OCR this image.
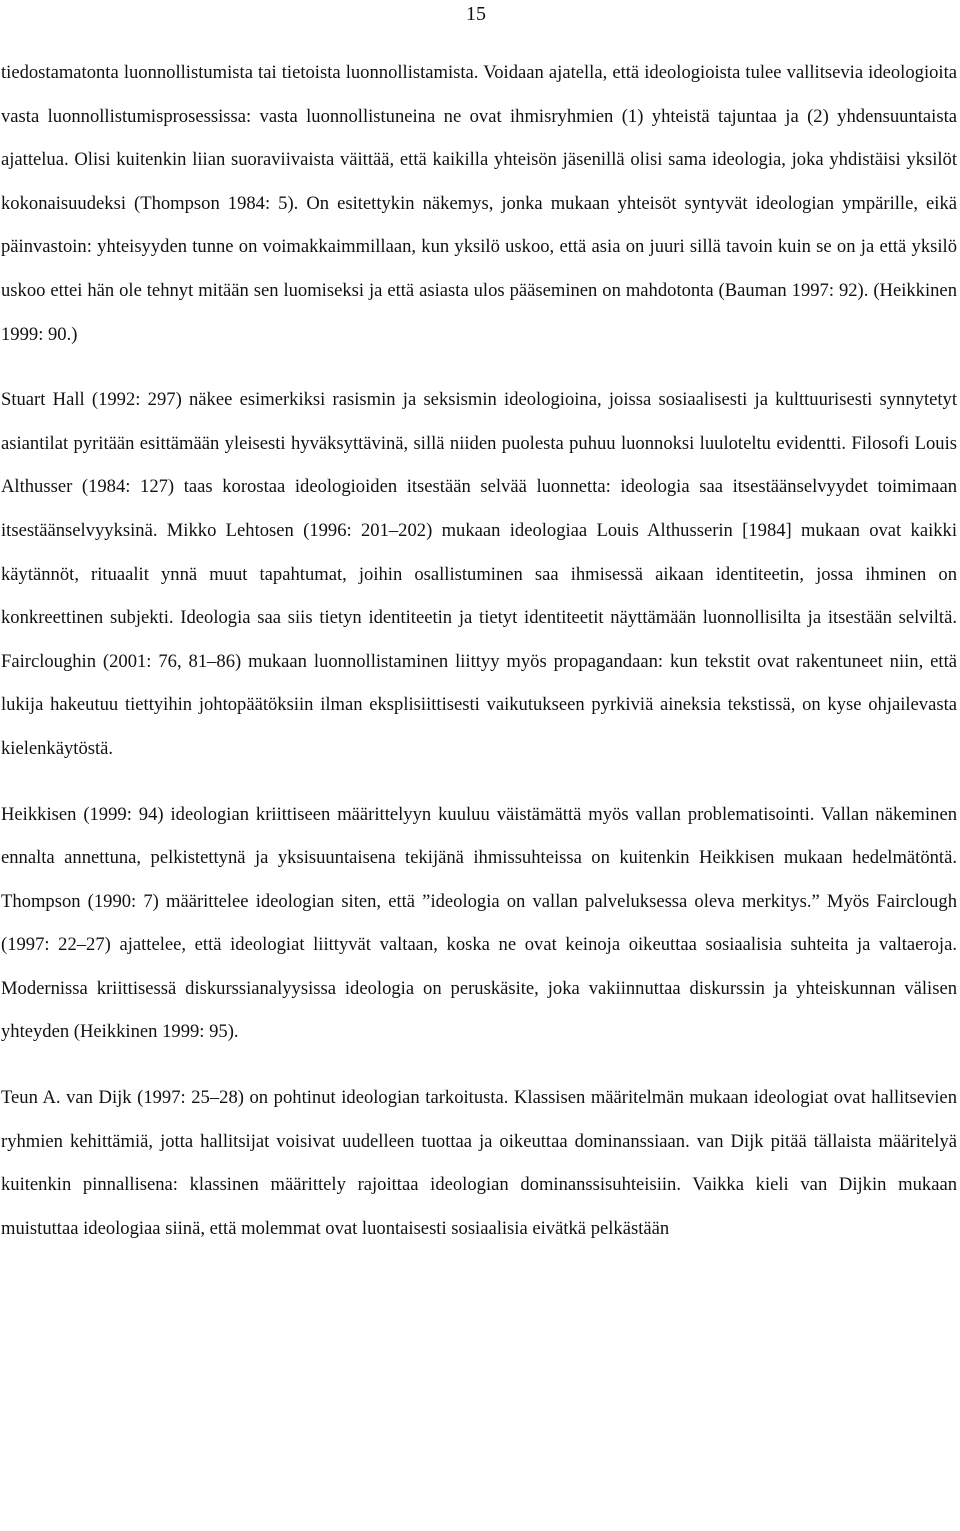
15

tiedostamatonta luonnollistumista tai tietoista luonnollistamista. Voidaan ajatella, että ideologioista tulee vallitsevia ideologioita vasta luonnollistumisprosessissa: vasta luonnollistuneina ne ovat ihmisryhmien (1) yhteistä tajuntaa ja (2) yhdensuuntaista ajattelua. Olisi kuitenkin liian suoraviivaista väittää, että kaikilla yhteisön jäsenillä olisi sama ideologia, joka yhdistäisi yksilöt kokonaisuudeksi (Thompson 1984: 5). On esitettykin näkemys, jonka mukaan yhteisöt syntyvät ideologian ympärille, eikä päinvastoin: yhteisyyden tunne on voimakkaimmillaan, kun yksilö uskoo, että asia on juuri sillä tavoin kuin se on ja että yksilö uskoo ettei hän ole tehnyt mitään sen luomiseksi ja että asiasta ulos pääseminen on mahdotonta (Bauman 1997: 92). (Heikkinen 1999: 90.)

Stuart Hall (1992: 297) näkee esimerkiksi rasismin ja seksismin ideologioina, joissa sosiaalisesti ja kulttuurisesti synnytetyt asiantilat pyritään esittämään yleisesti hyväksyttävinä, sillä niiden puolesta puhuu luonnoksi luuloteltu evidentti. Filosofi Louis Althusser (1984: 127) taas korostaa ideologioiden itsestään selvää luonnetta: ideologia saa itsestäänselvyydet toimimaan itsestäänselvyyksinä. Mikko Lehtosen (1996: 201–202) mukaan ideologiaa Louis Althusserin [1984] mukaan ovat kaikki käytännöt, rituaalit ynnä muut tapahtumat, joihin osallistuminen saa ihmisessä aikaan identiteetin, jossa ihminen on konkreettinen subjekti. Ideologia saa siis tietyn identiteetin ja tietyt identiteetit näyttämään luonnollisilta ja itsestään selviltä. Faircloughin (2001: 76, 81–86) mukaan luonnollistaminen liittyy myös propagandaan: kun tekstit ovat rakentuneet niin, että lukija hakeutuu tiettyihin johtopäätöksiin ilman eksplisiittisesti vaikutukseen pyrkiviä aineksia tekstissä, on kyse ohjailevasta kielenkäytöstä.

Heikkisen (1999: 94) ideologian kriittiseen määrittelyyn kuuluu väistämättä myös vallan problematisointi. Vallan näkeminen ennalta annettuna, pelkistettynä ja yksisuuntaisena tekijänä ihmissuhteissa on kuitenkin Heikkisen mukaan hedelmätöntä. Thompson (1990: 7) määrittelee ideologian siten, että ”ideologia on vallan palveluksessa oleva merkitys.” Myös Fairclough (1997: 22–27) ajattelee, että ideologiat liittyvät valtaan, koska ne ovat keinoja oikeuttaa sosiaalisia suhteita ja valtaeroja. Modernissa kriittisessä diskurssianalyysissa ideologia on peruskäsite, joka vakiinnuttaa diskurssin ja yhteiskunnan välisen yhteyden (Heikkinen 1999: 95).

Teun A. van Dijk (1997: 25–28) on pohtinut ideologian tarkoitusta. Klassisen määritelmän mukaan ideologiat ovat hallitsevien ryhmien kehittämiä, jotta hallitsijat voisivat uudelleen tuottaa ja oikeuttaa dominanssiaan. van Dijk pitää tällaista määritelyä kuitenkin pinnallisena: klassinen määrittely rajoittaa ideologian dominanssisuhteisiin. Vaikka kieli van Dijkin mukaan muistuttaa ideologiaa siinä, että molemmat ovat luontaisesti sosiaalisia eivätkä pelkästään
